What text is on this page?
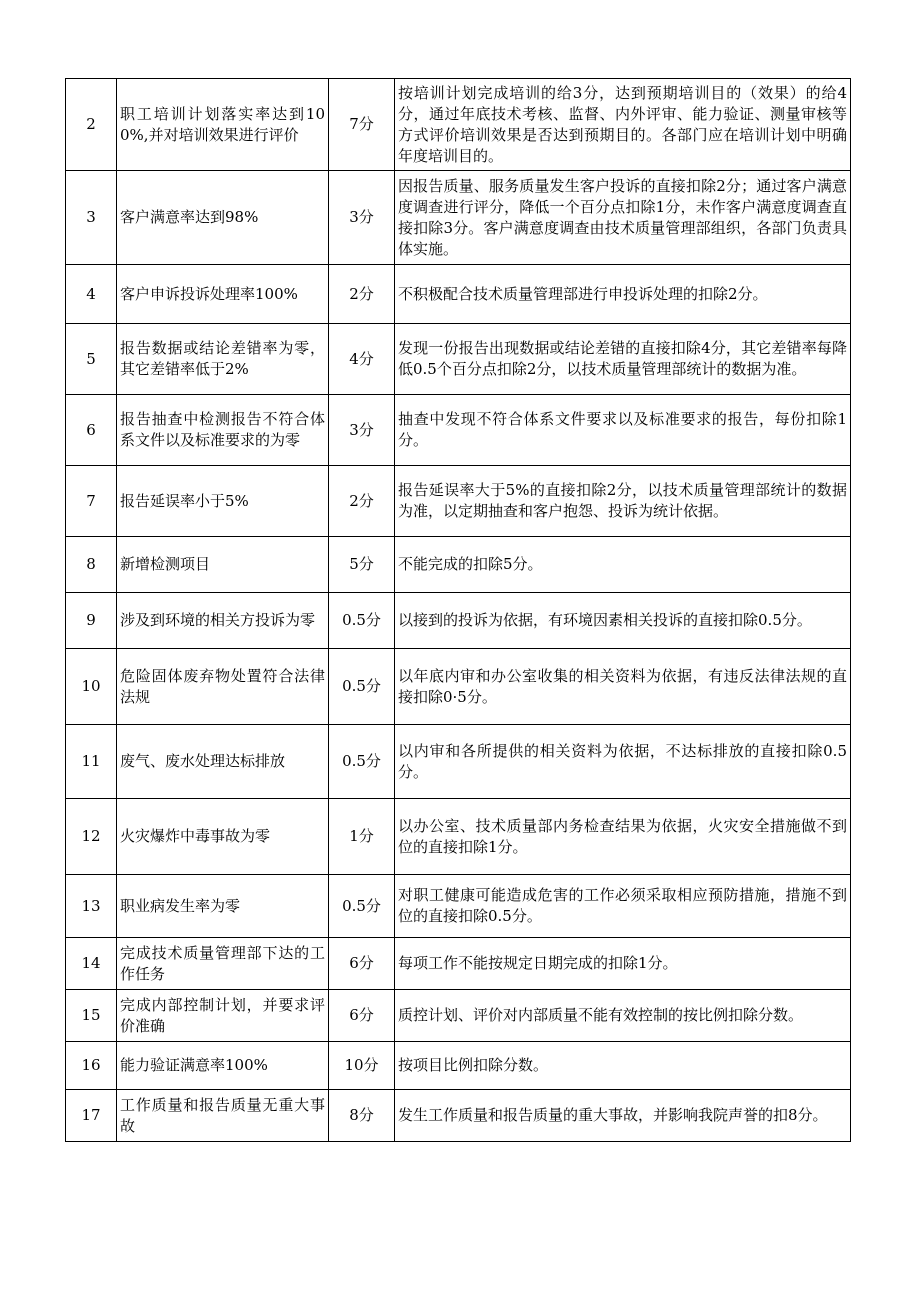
2	职工培训计划落实率达到100%,并对培训效果进行评价	7分	按培训计划完成培训的给3分，达到预期培训目的（效果）的给4分，通过年底技术考核、监督、内外评审、能力验证、测量审核等方式评价培训效果是否达到预期目的。各部门应在培训计划中明确年度培训目的。
3	客户满意率达到98%	3分	因报告质量、服务质量发生客户投诉的直接扣除2分；通过客户满意度调查进行评分，降低一个百分点扣除1分，未作客户满意度调查直接扣除3分。客户满意度调查由技术质量管理部组织，各部门负责具体实施。
4	客户申诉投诉处理率100%	2分	不积极配合技术质量管理部进行申投诉处理的扣除2分。
5	报告数据或结论差错率为零，其它差错率低于2%	4分	发现一份报告出现数据或结论差错的直接扣除4分，其它差错率每降低0.5个百分点扣除2分，以技术质量管理部统计的数据为准。
6	报告抽查中检测报告不符合体系文件以及标准要求的为零	3分	抽查中发现不符合体系文件要求以及标准要求的报告，每份扣除1分。
7	报告延误率小于5%	2分	报告延误率大于5%的直接扣除2分，以技术质量管理部统计的数据为准，以定期抽查和客户抱怨、投诉为统计依据。
8	新增检测项目	5分	不能完成的扣除5分。
9	涉及到环境的相关方投诉为零	0.5分	以接到的投诉为依据，有环境因素相关投诉的直接扣除0.5分。
10	危险固体废弃物处置符合法律法规	0.5分	以年底内审和办公室收集的相关资料为依据，有违反法律法规的直接扣除0·5分。
11	废气、废水处理达标排放	0.5分	以内审和各所提供的相关资料为依据，不达标排放的直接扣除0.5分。
12	火灾爆炸中毒事故为零	1分	以办公室、技术质量部内务检查结果为依据，火灾安全措施做不到位的直接扣除1分。
13	职业病发生率为零	0.5分	对职工健康可能造成危害的工作必须采取相应预防措施，措施不到位的直接扣除0.5分。
14	完成技术质量管理部下达的工作任务	6分	每项工作不能按规定日期完成的扣除1分。
15	完成内部控制计划，并要求评价准确	6分	质控计划、评价对内部质量不能有效控制的按比例扣除分数。
16	能力验证满意率100%	10分	按项目比例扣除分数。
17	工作质量和报告质量无重大事故	8分	发生工作质量和报告质量的重大事故，并影响我院声誉的扣8分。
